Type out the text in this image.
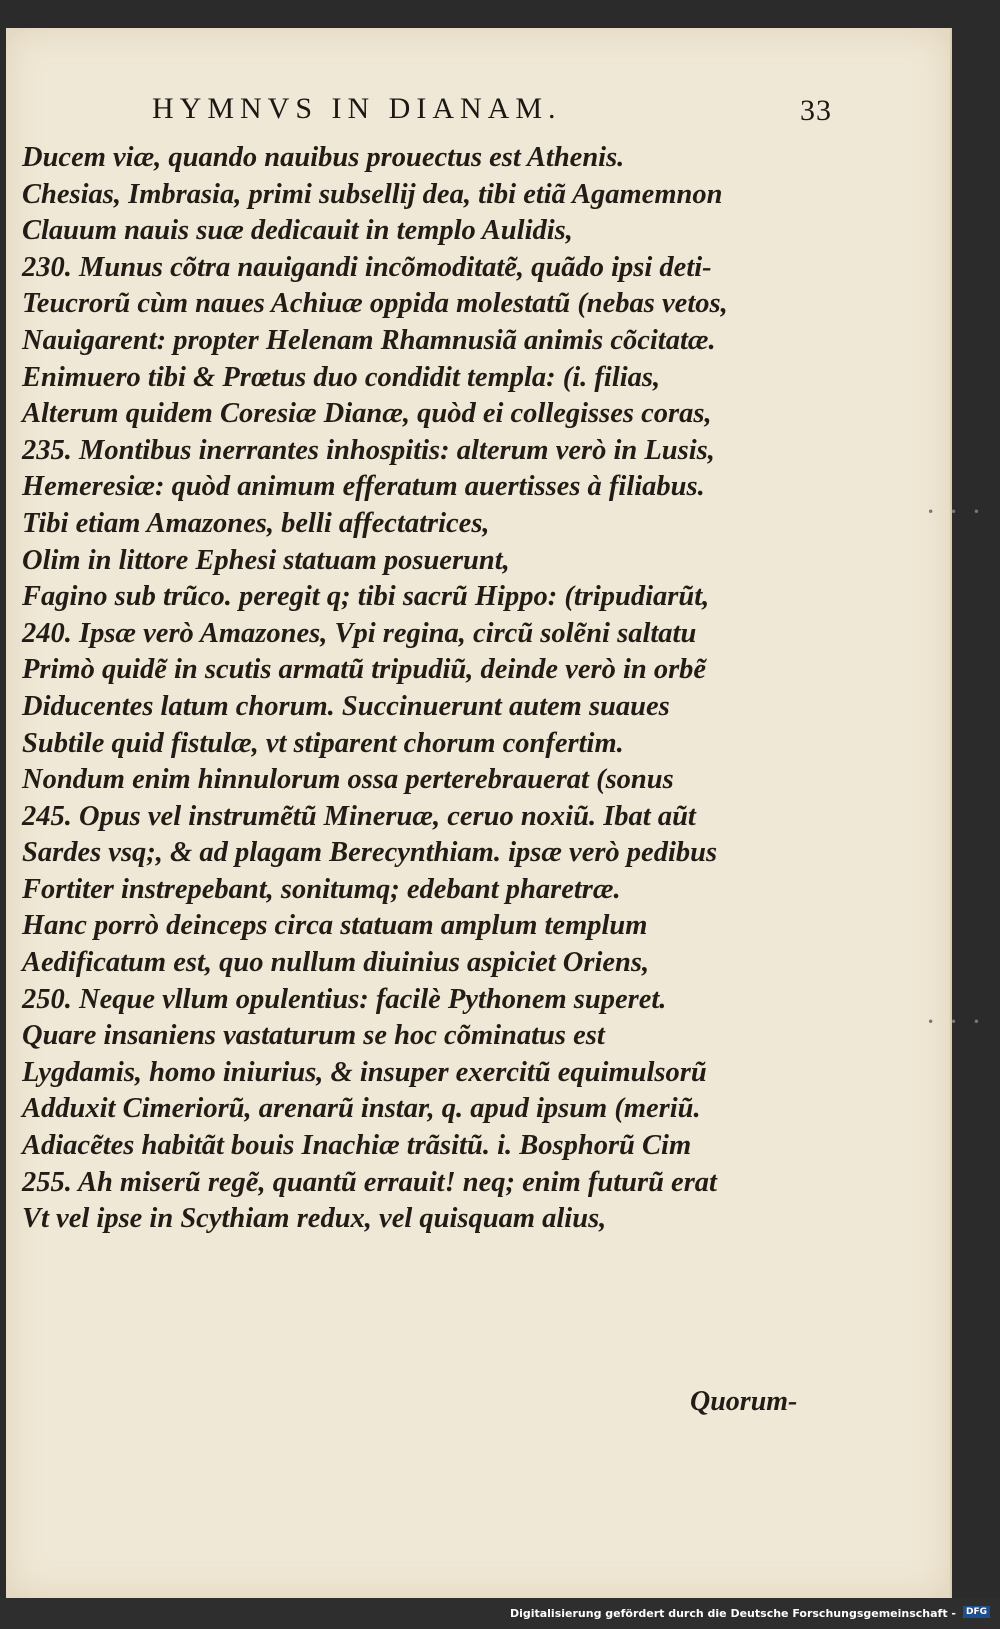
• • •
• • •
HYMNVS IN DIANAM.	33
Ducem viæ, quando nauibus prouectus est Athenis.
Chesias, Imbrasia, primi subsellij dea, tibi etiã Agamemnon
Clauum nauis suæ dedicauit in templo Aulidis,
230. Munus cõtra nauigandi incõmoditatẽ, quãdo ipsi deti-
Teucrorũ cùm naues Achiuæ oppida molestatũ (nebas vetos,
Nauigarent: propter Helenam Rhamnusiã animis cõcitatæ.
Enimuero tibi & Prœtus duo condidit templa: (i. filias,
Alterum quidem Coresiæ Dianæ, quòd ei collegisses coras,
235. Montibus inerrantes inhospitis: alterum verò in Lusis,
Hemeresiæ: quòd animum efferatum auertisses à filiabus.
Tibi etiam Amazones, belli affectatrices,
Olim in littore Ephesi statuam posuerunt,
Fagino sub trũco. peregit q; tibi sacrũ Hippo: (tripudiarũt,
240. Ipsæ verò Amazones, Vpi regina, circũ solẽni saltatu
Primò quidẽ in scutis armatũ tripudiũ, deinde verò in orbẽ
Diducentes latum chorum. Succinuerunt autem suaues
Subtile quid fistulæ, vt stiparent chorum confertim.
Nondum enim hinnulorum ossa perterebrauerat (sonus
245. Opus vel instrumẽtũ Mineruæ, ceruo noxiũ. Ibat aũt
Sardes vsq;, & ad plagam Berecynthiam. ipsæ verò pedibus
Fortiter instrepebant, sonitumq; edebant pharetræ.
Hanc porrò deinceps circa statuam amplum templum
Aedificatum est, quo nullum diuinius aspiciet Oriens,
250. Neque vllum opulentius: facilè Pythonem superet.
Quare insaniens vastaturum se hoc cõminatus est
Lygdamis, homo iniurius, & insuper exercitũ equimulsorũ
Adduxit Cimeriorũ, arenarũ instar, q. apud ipsum (meriũ.
Adiacẽtes habitãt bouis Inachiæ trãsitũ. i. Bosphorũ Cim
255. Ah miserũ regẽ, quantũ errauit! neq; enim futurũ erat
Vt vel ipse in Scythiam redux, vel quisquam alius,
Quorum-
Digitalisierung gefördert durch die Deutsche Forschungsgemeinschaft -	DFG
